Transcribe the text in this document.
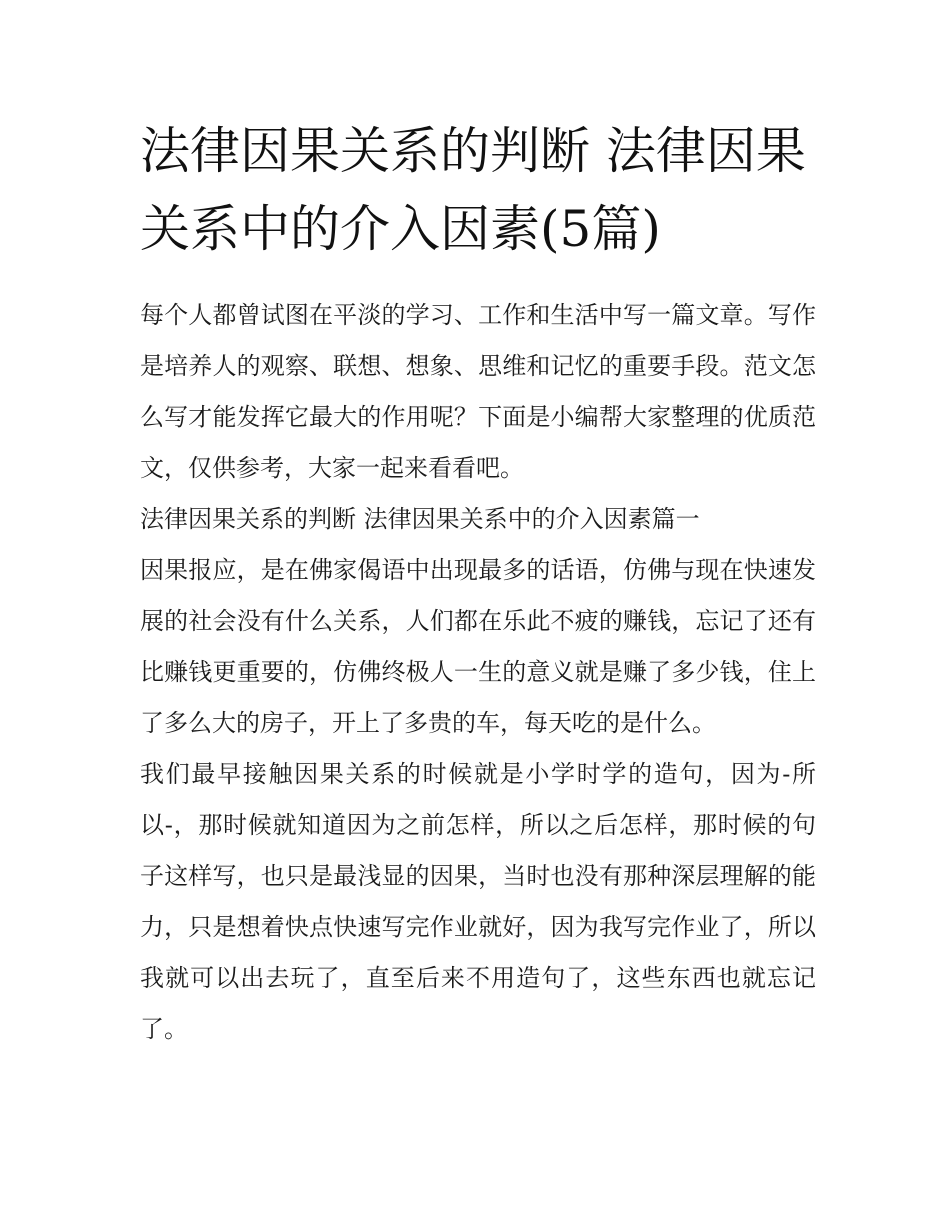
法律因果关系的判断 法律因果关系中的介入因素(5篇)

每个人都曾试图在平淡的学习、工作和生活中写一篇文章。写作是培养人的观察、联想、想象、思维和记忆的重要手段。范文怎么写才能发挥它最大的作用呢？下面是小编帮大家整理的优质范文，仅供参考，大家一起来看看吧。

法律因果关系的判断 法律因果关系中的介入因素篇一

因果报应，是在佛家偈语中出现最多的话语，仿佛与现在快速发展的社会没有什么关系，人们都在乐此不疲的赚钱，忘记了还有比赚钱更重要的，仿佛终极人一生的意义就是赚了多少钱，住上了多么大的房子，开上了多贵的车，每天吃的是什么。

我们最早接触因果关系的时候就是小学时学的造句，因为-所以-，那时候就知道因为之前怎样，所以之后怎样，那时候的句子这样写，也只是最浅显的因果，当时也没有那种深层理解的能力，只是想着快点快速写完作业就好，因为我写完作业了，所以我就可以出去玩了，直至后来不用造句了，这些东西也就忘记了。
